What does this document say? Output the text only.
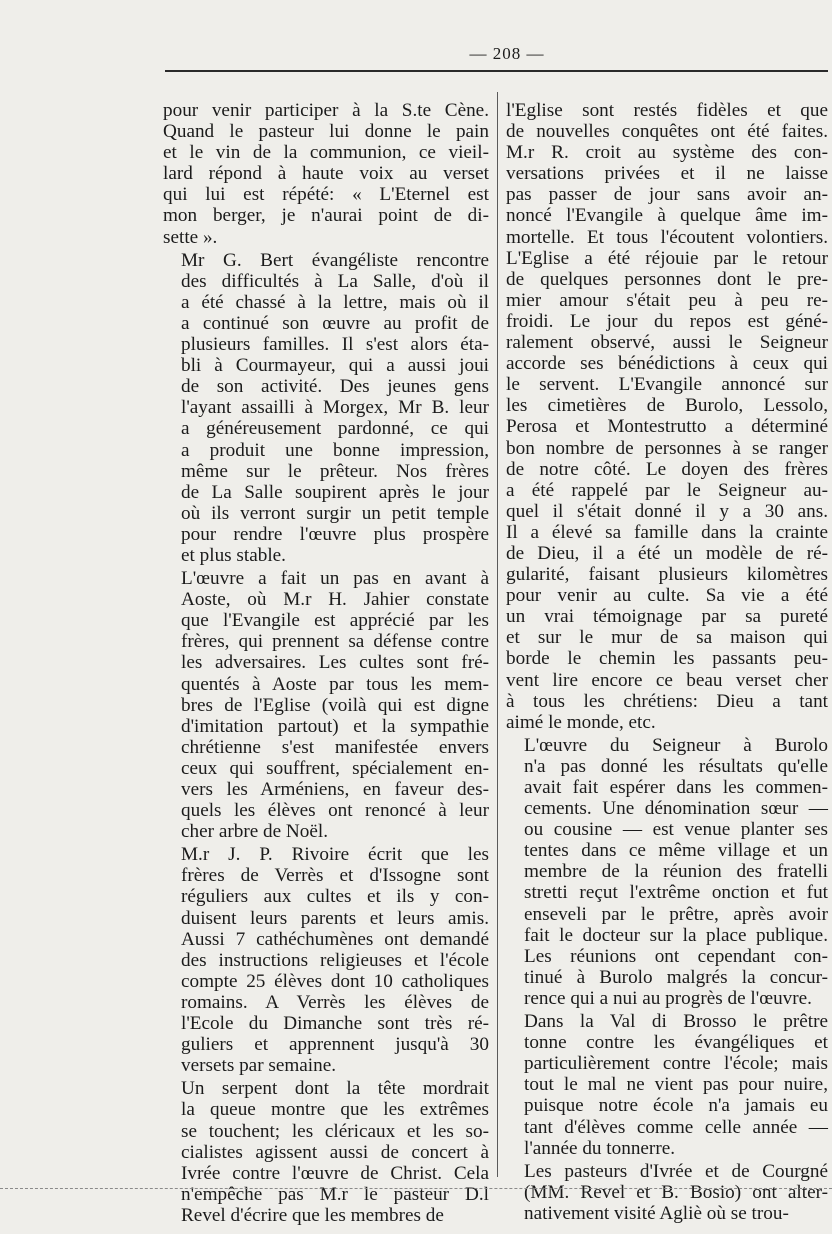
— 208 —

pour venir participer à la S.te Cène.
Quand le pasteur lui donne le pain
et le vin de la communion, ce vieil-
lard répond à haute voix au verset
qui lui est répété: « L'Eternel est
mon berger, je n'aurai point de di-
sette ».

Mr G. Bert évangéliste rencontre
des difficultés à La Salle, d'où il
a été chassé à la lettre, mais où il
a continué son œuvre au profit de
plusieurs familles. Il s'est alors éta-
bli à Courmayeur, qui a aussi joui
de son activité. Des jeunes gens
l'ayant assailli à Morgex, Mr B. leur
a généreusement pardonné, ce qui
a produit une bonne impression,
même sur le prêteur. Nos frères
de La Salle soupirent après le jour
où ils verront surgir un petit temple
pour rendre l'œuvre plus prospère
et plus stable.

L'œuvre a fait un pas en avant à
Aoste, où M.r H. Jahier constate
que l'Evangile est apprécié par les
frères, qui prennent sa défense contre
les adversaires. Les cultes sont fré-
quentés à Aoste par tous les mem-
bres de l'Eglise (voilà qui est digne
d'imitation partout) et la sympathie
chrétienne s'est manifestée envers
ceux qui souffrent, spécialement en-
vers les Arméniens, en faveur des-
quels les élèves ont renoncé à leur
cher arbre de Noël.

M.r J. P. Rivoire écrit que les
frères de Verrès et d'Issogne sont
réguliers aux cultes et ils y con-
duisent leurs parents et leurs amis.
Aussi 7 cathéchumènes ont demandé
des instructions religieuses et l'école
compte 25 élèves dont 10 catholiques
romains. A Verrès les élèves de
l'Ecole du Dimanche sont très ré-
guliers et apprennent jusqu'à 30
versets par semaine.

Un serpent dont la tête mordrait
la queue montre que les extrêmes
se touchent; les cléricaux et les so-
cialistes agissent aussi de concert à
Ivrée contre l'œuvre de Christ. Cela
n'empêche pas M.r le pasteur D.l
Revel d'écrire que les membres de

l'Eglise sont restés fidèles et que
de nouvelles conquêtes ont été faites.
M.r R. croit au système des con-
versations privées et il ne laisse
pas passer de jour sans avoir an-
noncé l'Evangile à quelque âme im-
mortelle. Et tous l'écoutent volontiers.
L'Eglise a été réjouie par le retour
de quelques personnes dont le pre-
mier amour s'était peu à peu re-
froidi. Le jour du repos est géné-
ralement observé, aussi le Seigneur
accorde ses bénédictions à ceux qui
le servent. L'Evangile annoncé sur
les cimetières de Burolo, Lessolo,
Perosa et Montestrutto a déterminé
bon nombre de personnes à se ranger
de notre côté. Le doyen des frères
a été rappelé par le Seigneur au-
quel il s'était donné il y a 30 ans.
Il a élevé sa famille dans la crainte
de Dieu, il a été un modèle de ré-
gularité, faisant plusieurs kilomètres
pour venir au culte. Sa vie a été
un vrai témoignage par sa pureté
et sur le mur de sa maison qui
borde le chemin les passants peu-
vent lire encore ce beau verset cher
à tous les chrétiens: Dieu a tant
aimé le monde, etc.

L'œuvre du Seigneur à Burolo
n'a pas donné les résultats qu'elle
avait fait espérer dans les commen-
cements. Une dénomination sœur —
ou cousine — est venue planter ses
tentes dans ce même village et un
membre de la réunion des fratelli
stretti reçut l'extrême onction et fut
enseveli par le prêtre, après avoir
fait le docteur sur la place publique.
Les réunions ont cependant con-
tinué à Burolo malgrés la concur-
rence qui a nui au progrès de l'œuvre.

Dans la Val di Brosso le prêtre
tonne contre les évangéliques et
particulièrement contre l'école; mais
tout le mal ne vient pas pour nuire,
puisque notre école n'a jamais eu
tant d'élèves comme celle année —
l'année du tonnerre.

Les pasteurs d'Ivrée et de Courgné
(MM. Revel et B. Bosio) ont alter-
nativement visité Agliè où se trou-
